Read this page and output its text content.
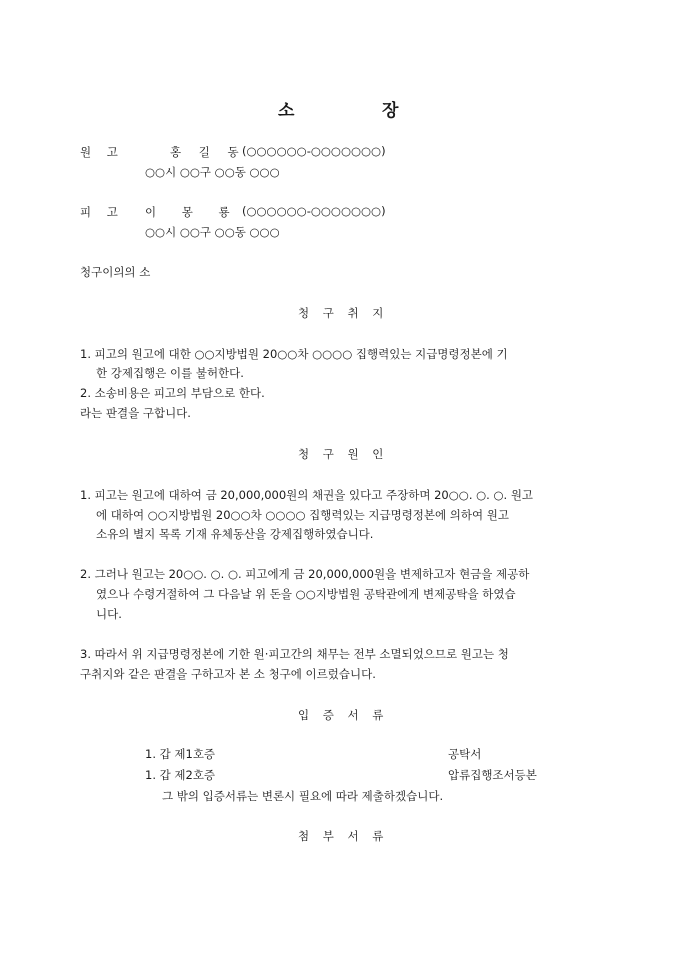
소	장
원 고	홍 길 동 (○○○○○○-○○○○○○○)
○○시 ○○구 ○○동 ○○○
피 고 이 몽 룡 (○○○○○○-○○○○○○○)
○○시 ○○구 ○○동 ○○○
청구이의의 소
청 구 취 지
1. 피고의 원고에 대한 ○○지방법원 20○○차 ○○○○ 집행력있는 지급명령정본에 기
한 강제집행은 이를 불허한다.
2. 소송비용은 피고의 부담으로 한다.
라는 판결을 구합니다.
청 구 원 인
1. 피고는 원고에 대하여 금 20,000,000원의 채권을 있다고 주장하며 20○○. ○. ○. 원고
에 대하여 ○○지방법원 20○○차 ○○○○ 집행력있는 지급명령정본에 의하여 원고
소유의 별지 목록 기재 유체동산을 강제집행하였습니다.
2. 그러나 원고는 20○○. ○. ○. 피고에게 금 20,000,000원을 변제하고자 현금을 제공하
였으나 수령거절하여 그 다음날 위 돈을 ○○지방법원 공탁관에게 변제공탁을 하였습
니다.
3. 따라서 위 지급명령정본에 기한 원·피고간의 채무는 전부 소멸되었으므로 원고는 청
구취지와 같은 판결을 구하고자 본 소 청구에 이르렀습니다.
입 증 서 류
1. 갑 제1호증	공탁서
1. 갑 제2호증	압류집행조서등본
그 밖의 입증서류는 변론시 필요에 따라 제출하겠습니다.
첨 부 서 류
